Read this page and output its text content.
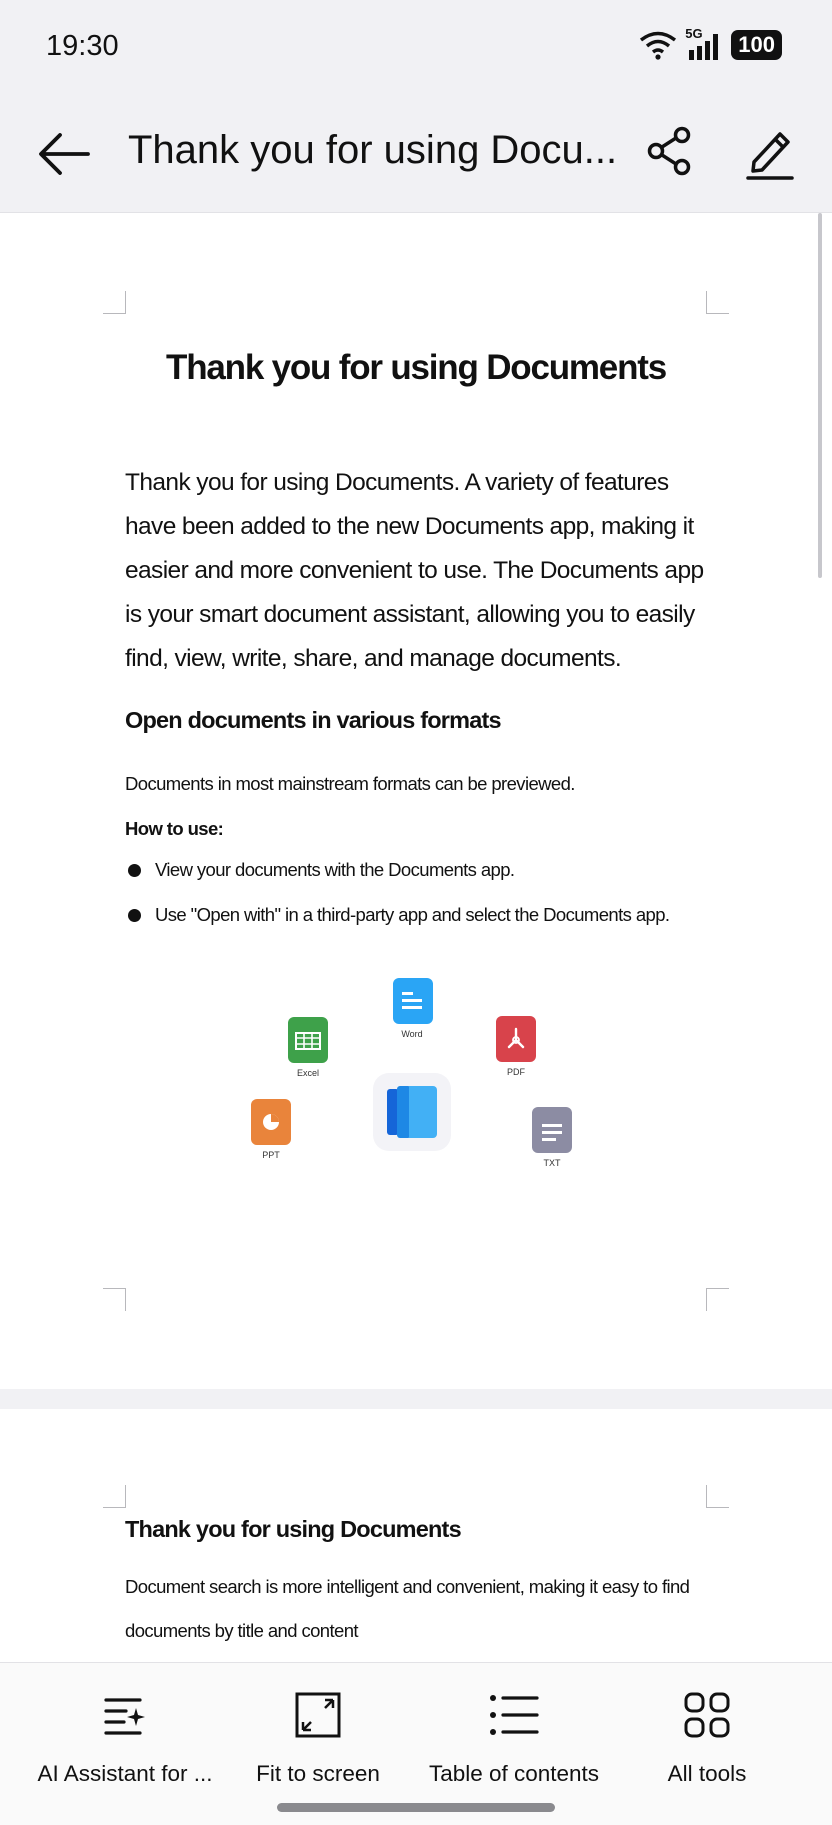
19:30	5G	100
Thank you for using Docu...
Thank you for using Documents
Thank you for using Documents. A variety of features have been added to the new Documents app, making it easier and more convenient to use. The Documents app is your smart document assistant, allowing you to easily find, view, write, share, and manage documents.
Open documents in various formats
Documents in most mainstream formats can be previewed.
How to use:
View your documents with the Documents app.
Use "Open with" in a third-party app and select the Documents app.
Word
Excel	PDF
PPT
TXT
Thank you for using Documents
Document search is more intelligent and convenient, making it easy to find documents by title and content
AI Assistant for ...	Fit to screen	Table of contents	All tools
